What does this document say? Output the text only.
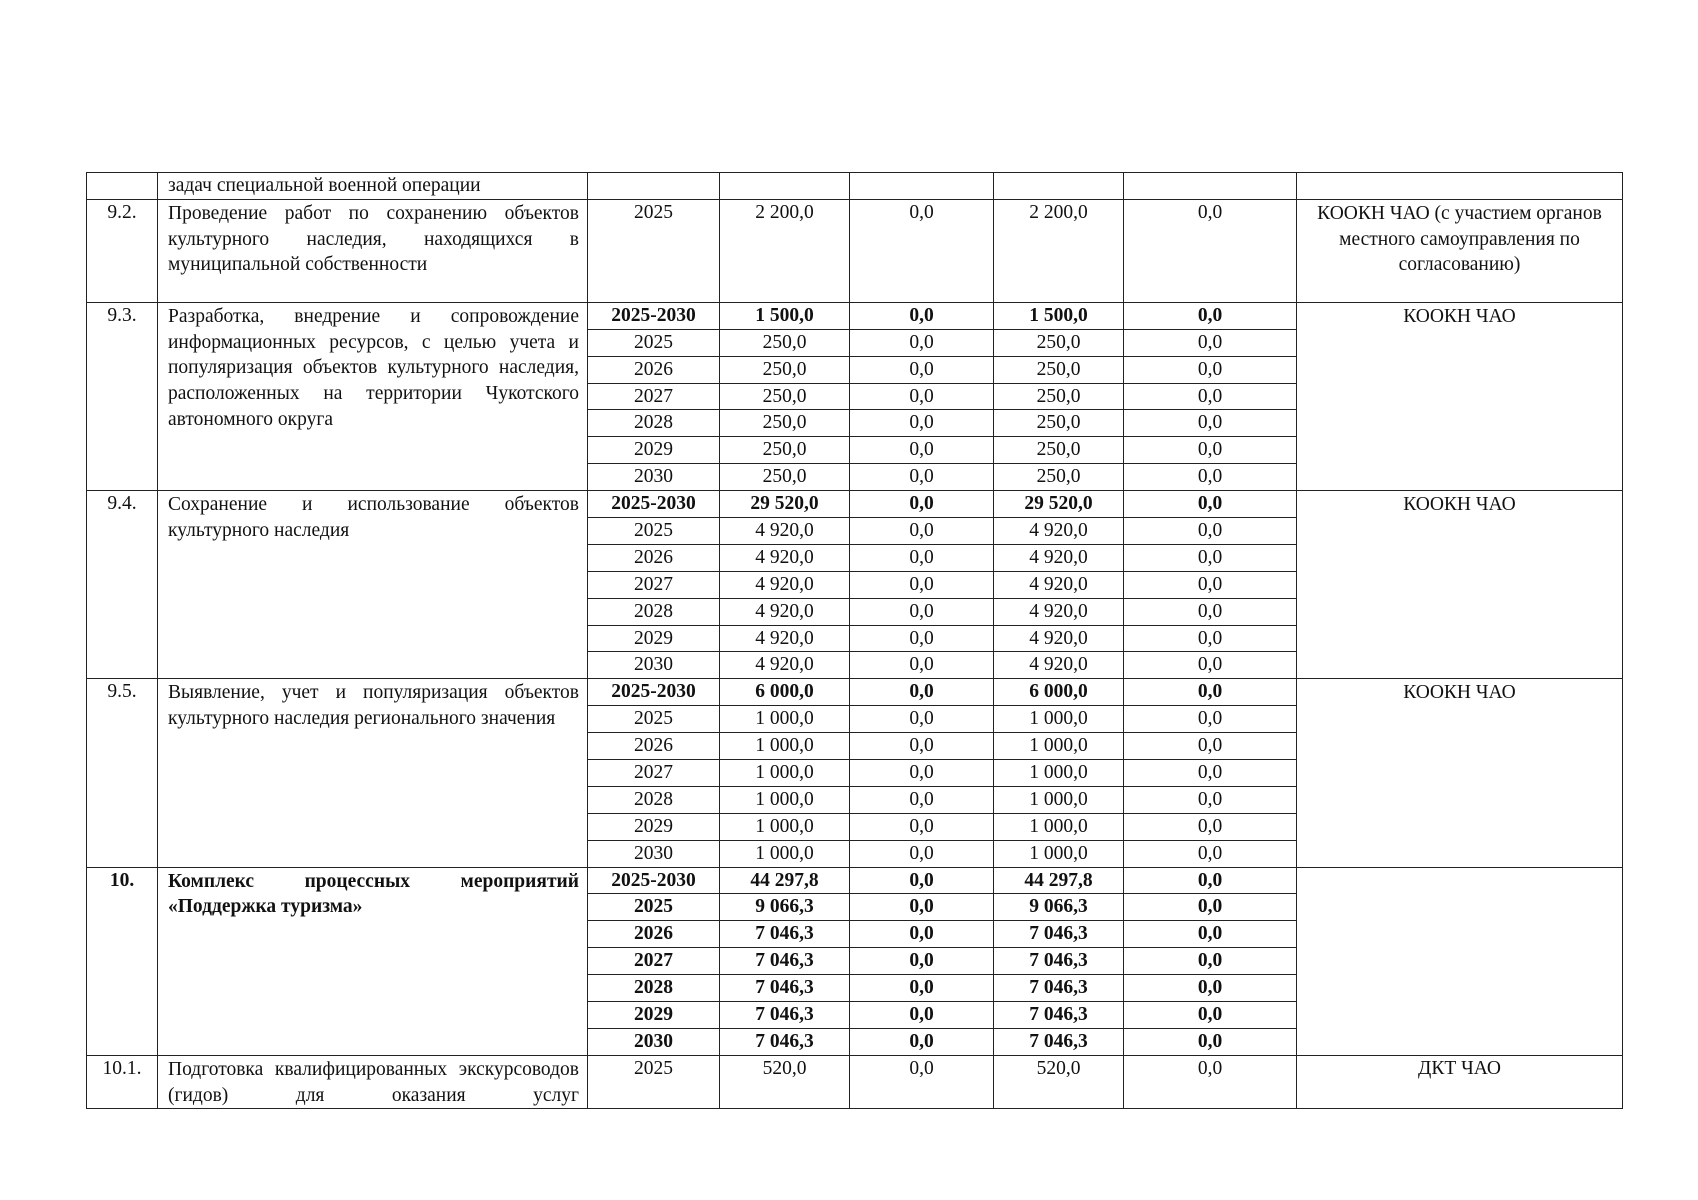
	задач специальной военной операции						
9.2.	Проведение работ по сохранению объектов культурного наследия, находящихся в муниципальной собственности	2025	2 200,0	0,0	2 200,0	0,0	КООКН ЧАО (с участием органов местного самоуправления по согласованию)
9.3.	Разработка, внедрение и сопровождение информационных ресурсов, с целью учета и популяризация объектов культурного наследия, расположенных на территории Чукотского автономного округа	2025-2030	1 500,0	0,0	1 500,0	0,0	КООКН ЧАО
		2025	250,0	0,0	250,0	0,0	
		2026	250,0	0,0	250,0	0,0	
		2027	250,0	0,0	250,0	0,0	
		2028	250,0	0,0	250,0	0,0	
		2029	250,0	0,0	250,0	0,0	
		2030	250,0	0,0	250,0	0,0	
9.4.	Сохранение и использование объектов культурного наследия	2025-2030	29 520,0	0,0	29 520,0	0,0	КООКН ЧАО
		2025	4 920,0	0,0	4 920,0	0,0	
		2026	4 920,0	0,0	4 920,0	0,0	
		2027	4 920,0	0,0	4 920,0	0,0	
		2028	4 920,0	0,0	4 920,0	0,0	
		2029	4 920,0	0,0	4 920,0	0,0	
		2030	4 920,0	0,0	4 920,0	0,0	
9.5.	Выявление, учет и популяризация объектов культурного наследия регионального значения	2025-2030	6 000,0	0,0	6 000,0	0,0	КООКН ЧАО
		2025	1 000,0	0,0	1 000,0	0,0	
		2026	1 000,0	0,0	1 000,0	0,0	
		2027	1 000,0	0,0	1 000,0	0,0	
		2028	1 000,0	0,0	1 000,0	0,0	
		2029	1 000,0	0,0	1 000,0	0,0	
		2030	1 000,0	0,0	1 000,0	0,0	
10.	Комплекс процессных мероприятий «Поддержка туризма»	2025-2030	44 297,8	0,0	44 297,8	0,0	
		2025	9 066,3	0,0	9 066,3	0,0	
		2026	7 046,3	0,0	7 046,3	0,0	
		2027	7 046,3	0,0	7 046,3	0,0	
		2028	7 046,3	0,0	7 046,3	0,0	
		2029	7 046,3	0,0	7 046,3	0,0	
		2030	7 046,3	0,0	7 046,3	0,0	
10.1.	Подготовка квалифицированных экскурсоводов (гидов) для оказания услуг	2025	520,0	0,0	520,0	0,0	ДКТ ЧАО
